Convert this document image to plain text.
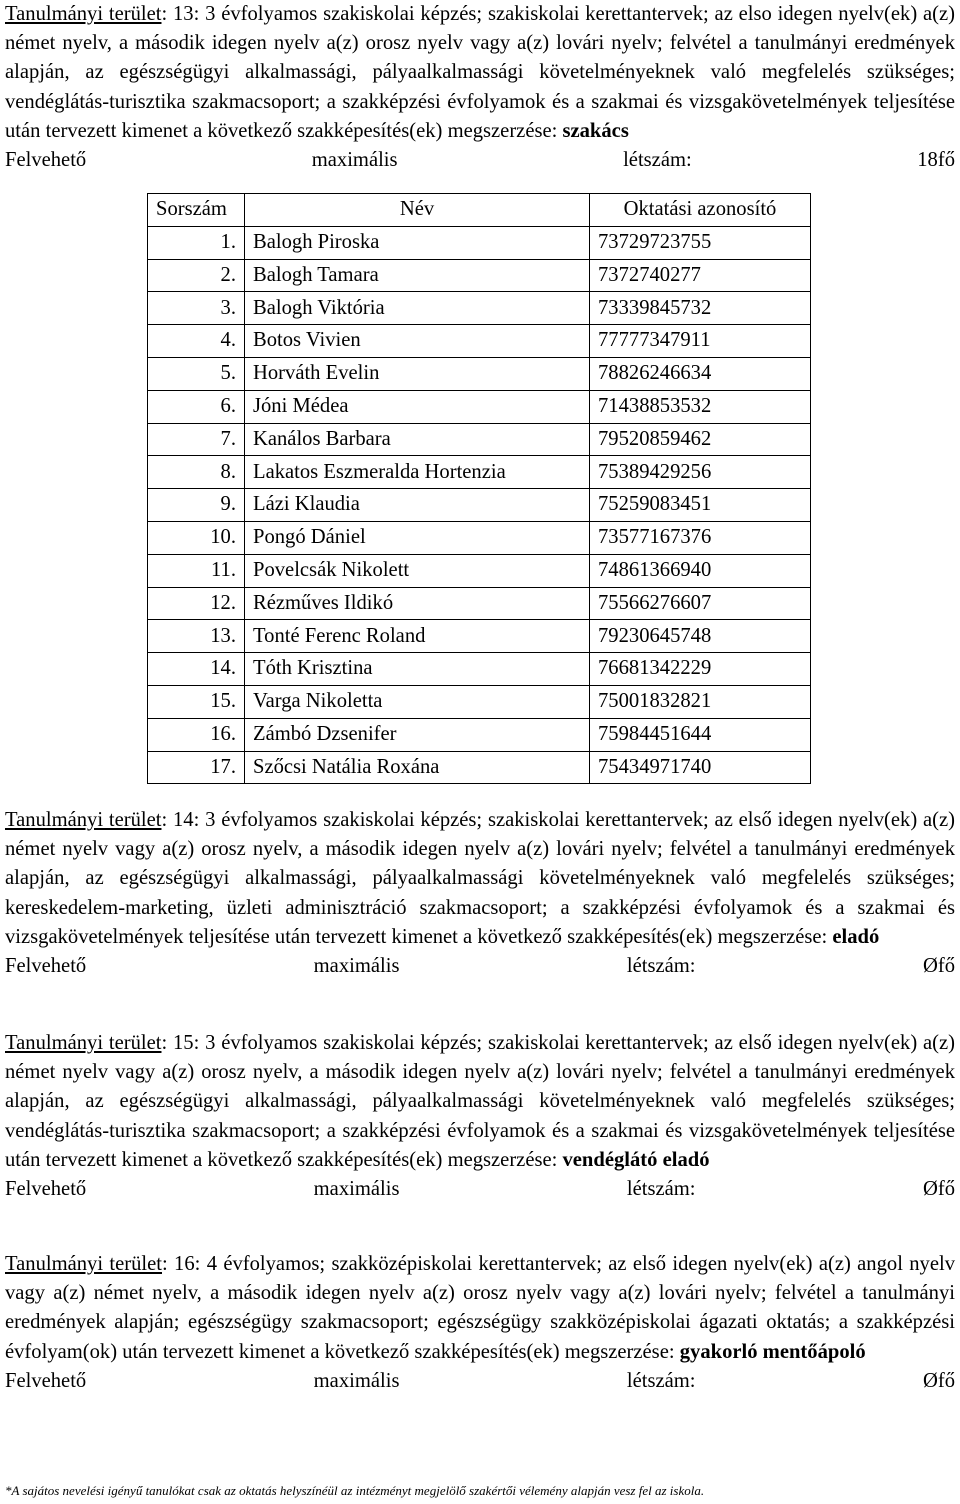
Tanulmányi terület: 13: 3 évfolyamos szakiskolai képzés; szakiskolai kerettantervek; az elso idegen nyelv(ek) a(z) német nyelv, a második idegen nyelv a(z) orosz nyelv vagy a(z) lovári nyelv; felvétel a tanulmányi eredmények alapján, az egészségügyi alkalmassági, pályaalkalmassági követelményeknek való megfelelés szükséges; vendéglátás-turisztika szakmacsoport; a szakképzési évfolyamok és a szakmai és vizsgakövetelmények teljesítése után tervezett kimenet a következő szakképesítés(ek) megszerzése: szakács

Felvehető maximális létszám: 18fő

Sorszám	Név	Oktatási azonosító
1.	Balogh Piroska	73729723755
2.	Balogh Tamara	7372740277
3.	Balogh Viktória	73339845732
4.	Botos Vivien	77777347911
5.	Horváth Evelin	78826246634
6.	Jóni Médea	71438853532
7.	Kanálos Barbara	79520859462
8.	Lakatos Eszmeralda Hortenzia	75389429256
9.	Lázi Klaudia	75259083451
10.	Pongó Dániel	73577167376
11.	Povelcsák Nikolett	74861366940
12.	Rézműves Ildikó	75566276607
13.	Tonté Ferenc Roland	79230645748
14.	Tóth Krisztina	76681342229
15.	Varga Nikoletta	75001832821
16.	Zámbó Dzsenifer	75984451644
17.	Szőcsi Natália Roxána	75434971740

Tanulmányi terület: 14: 3 évfolyamos szakiskolai képzés; szakiskolai kerettantervek; az első idegen nyelv(ek) a(z) német nyelv vagy a(z) orosz nyelv, a második idegen nyelv a(z) lovári nyelv; felvétel a tanulmányi eredmények alapján, az egészségügyi alkalmassági, pályaalkalmassági követelményeknek való megfelelés szükséges; kereskedelem-marketing, üzleti adminisztráció szakmacsoport; a szakképzési évfolyamok és a szakmai és vizsgakövetelmények teljesítése után tervezett kimenet a következő szakképesítés(ek) megszerzése: eladó

Felvehető maximális létszám: Øfő

Tanulmányi terület: 15: 3 évfolyamos szakiskolai képzés; szakiskolai kerettantervek; az első idegen nyelv(ek) a(z) német nyelv vagy a(z) orosz nyelv, a második idegen nyelv a(z) lovári nyelv; felvétel a tanulmányi eredmények alapján, az egészségügyi alkalmassági, pályaalkalmassági követelményeknek való megfelelés szükséges; vendéglátás-turisztika szakmacsoport; a szakképzési évfolyamok és a szakmai és vizsgakövetelmények teljesítése után tervezett kimenet a következő szakképesítés(ek) megszerzése: vendéglátó eladó

Felvehető maximális létszám: Øfő

Tanulmányi terület: 16: 4 évfolyamos; szakközépiskolai kerettantervek; az első idegen nyelv(ek) a(z) angol nyelv vagy a(z) német nyelv, a második idegen nyelv a(z) orosz nyelv vagy a(z) lovári nyelv; felvétel a tanulmányi eredmények alapján; egészségügy szakmacsoport; egészségügy szakközépiskolai ágazati oktatás; a szakképzési évfolyam(ok) után tervezett kimenet a következő szakképesítés(ek) megszerzése: gyakorló mentőápoló

Felvehető maximális létszám: Øfő

*A sajátos nevelési igényű tanulókat csak az oktatás helyszínéül az intézményt megjelölő szakértői vélemény alapján vesz fel az iskola.
